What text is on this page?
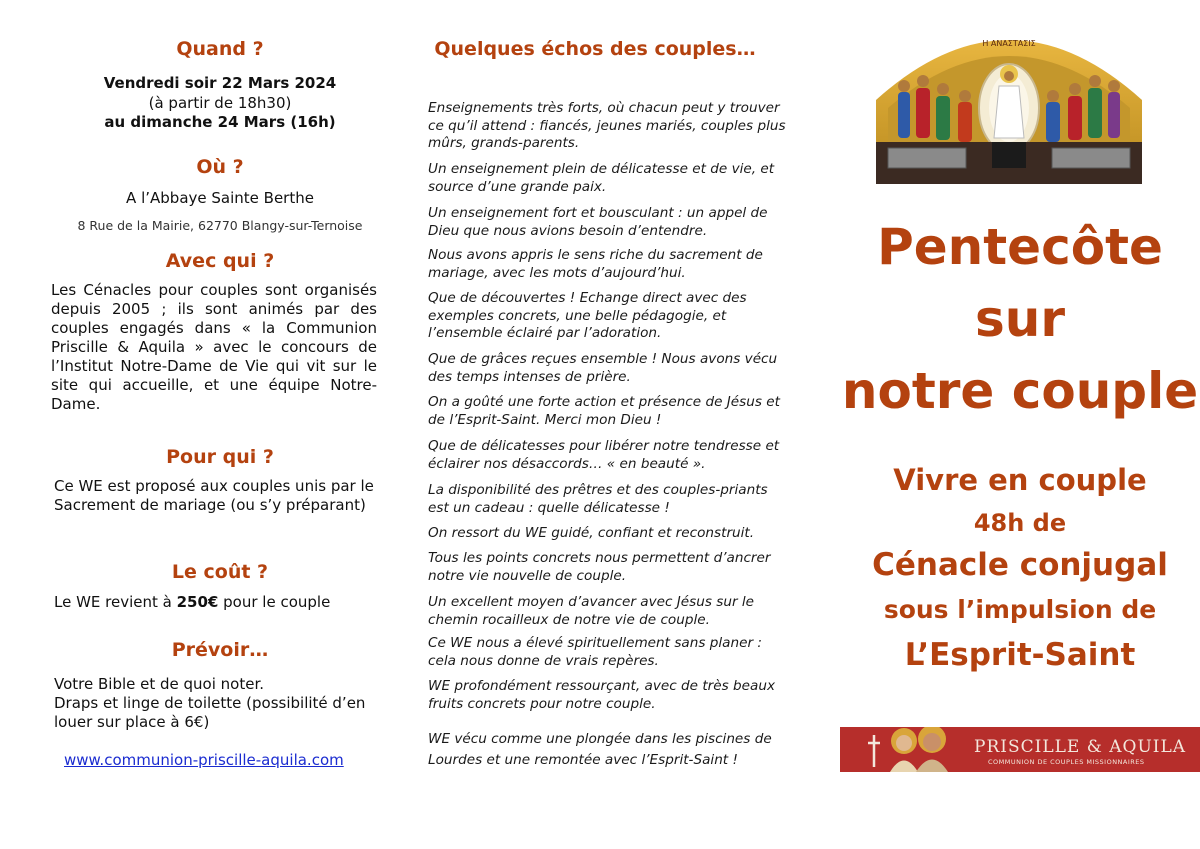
Quand ?
Vendredi soir 22 Mars 2024
(à partir de 18h30)
au dimanche 24 Mars (16h)
Où ?
A l’Abbaye Sainte Berthe
8 Rue de la Mairie, 62770 Blangy-sur-Ternoise
Avec qui ?
Les Cénacles pour couples sont organisés depuis 2005 ; ils sont animés par des couples engagés dans « la Communion Priscille & Aquila » avec le concours de l’Institut Notre-Dame de Vie qui vit sur le site qui accueille, et une équipe Notre-Dame.
Pour qui ?
Ce WE est proposé aux couples unis par le Sacrement de mariage (ou s’y préparant)
Le coût ?
Le WE revient à 250€ pour le couple
Prévoir…
Votre Bible et de quoi noter.
Draps et linge de toilette (possibilité d’en louer sur place à 6€)
www.communion-priscille-aquila.com
Quelques échos des couples…
Enseignements très forts, où chacun peut y trouver ce qu’il attend : fiancés, jeunes mariés, couples plus mûrs, grands-parents.
Un enseignement plein de délicatesse et de vie, et source d’une grande paix.
Un enseignement fort et bousculant : un appel de Dieu que nous avions besoin d’entendre.
Nous avons appris le sens riche du sacrement de mariage, avec les mots d’aujourd’hui.
Que de découvertes ! Echange direct avec des exemples concrets, une belle pédagogie, et l’ensemble éclairé par l’adoration.
Que de grâces reçues ensemble ! Nous avons vécu des temps intenses de prière.
On a goûté une forte action et présence de Jésus et de l’Esprit-Saint. Merci mon Dieu !
Que de délicatesses pour libérer notre tendresse et éclairer nos désaccords… « en beauté ».
La disponibilité des prêtres et des couples-priants est un cadeau : quelle délicatesse !
On ressort du WE guidé, confiant et reconstruit.
Tous les points concrets nous permettent d’ancrer notre vie nouvelle de couple.
Un excellent moyen d’avancer avec Jésus sur le chemin rocailleux de notre vie de couple.
Ce WE nous a élevé spirituellement sans planer : cela nous donne de vrais repères.
WE profondément ressourçant, avec de très beaux fruits concrets pour notre couple.
WE vécu comme une plongée dans les piscines de Lourdes et une remontée avec l’Esprit-Saint !
Η ΑΝΑΣΤΑΣΙΣ
Pentecôte
sur
notre couple
Vivre en couple
48h de
Cénacle conjugal
sous l’impulsion de
L’Esprit-Saint
PRISCILLE & AQUILA
COMMUNION DE COUPLES MISSIONNAIRES
